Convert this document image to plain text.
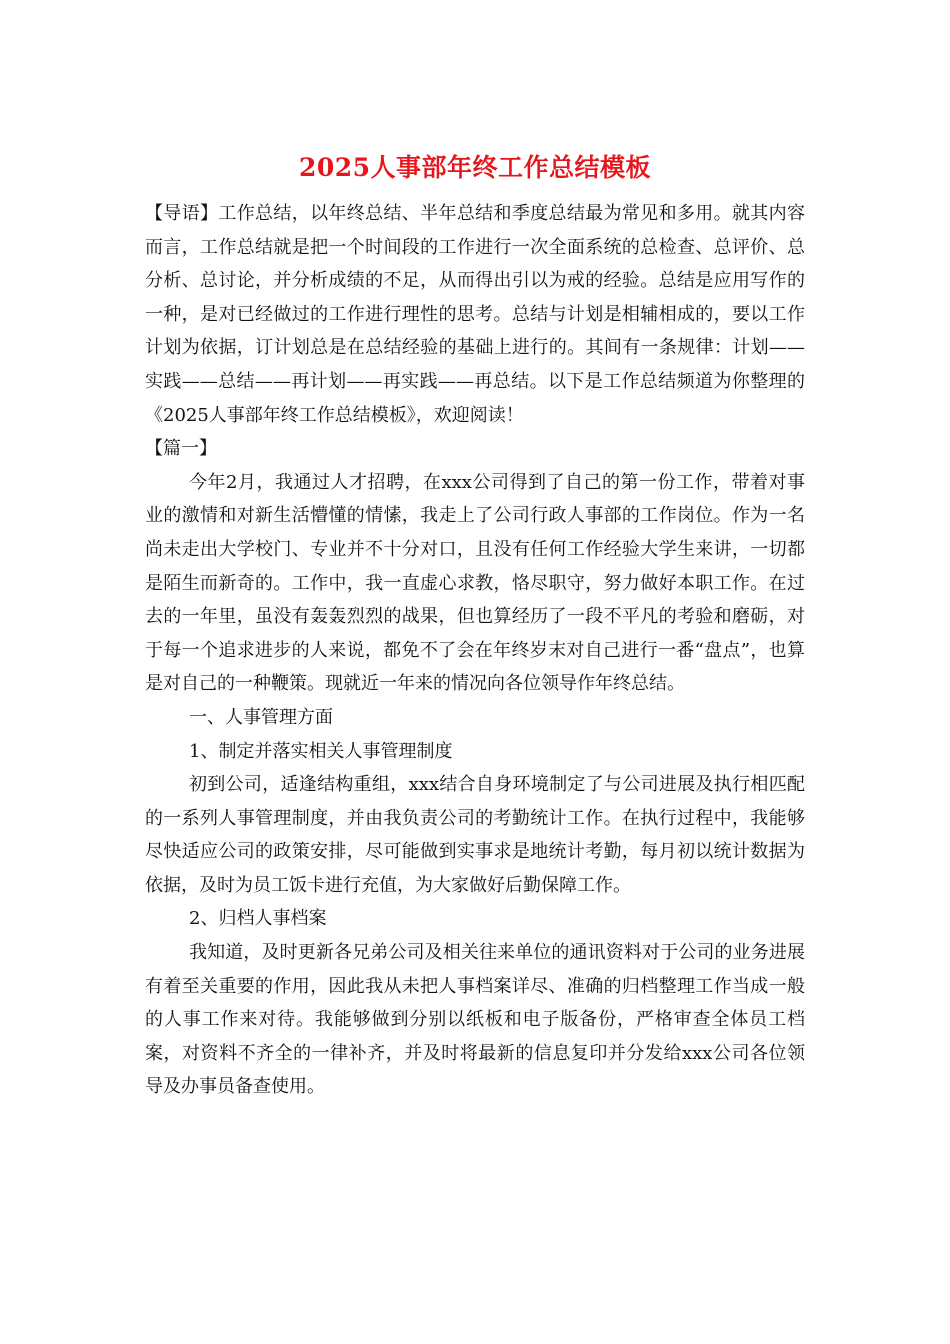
2025人事部年终工作总结模板

【导语】工作总结，以年终总结、半年总结和季度总结最为常见和多用。就其内容而言，工作总结就是把一个时间段的工作进行一次全面系统的总检查、总评价、总分析、总讨论，并分析成绩的不足，从而得出引以为戒的经验。总结是应用写作的一种，是对已经做过的工作进行理性的思考。总结与计划是相辅相成的，要以工作计划为依据，订计划总是在总结经验的基础上进行的。其间有一条规律：计划——实践——总结——再计划——再实践——再总结。以下是工作总结频道为你整理的《2025人事部年终工作总结模板》，欢迎阅读！

【篇一】

今年2月，我通过人才招聘，在xxx公司得到了自己的第一份工作，带着对事业的激情和对新生活懵懂的情愫，我走上了公司行政人事部的工作岗位。作为一名尚未走出大学校门、专业并不十分对口，且没有任何工作经验大学生来讲，一切都是陌生而新奇的。工作中，我一直虚心求教，恪尽职守，努力做好本职工作。在过去的一年里，虽没有轰轰烈烈的战果，但也算经历了一段不平凡的考验和磨砺，对于每一个追求进步的人来说，都免不了会在年终岁末对自己进行一番“盘点”，也算是对自己的一种鞭策。现就近一年来的情况向各位领导作年终总结。

一、人事管理方面

1、制定并落实相关人事管理制度

初到公司，适逢结构重组，xxx结合自身环境制定了与公司进展及执行相匹配的一系列人事管理制度，并由我负责公司的考勤统计工作。在执行过程中，我能够尽快适应公司的政策安排，尽可能做到实事求是地统计考勤，每月初以统计数据为依据，及时为员工饭卡进行充值，为大家做好后勤保障工作。

2、归档人事档案

我知道，及时更新各兄弟公司及相关往来单位的通讯资料对于公司的业务进展有着至关重要的作用，因此我从未把人事档案详尽、准确的归档整理工作当成一般的人事工作来对待。我能够做到分别以纸板和电子版备份，严格审查全体员工档案，对资料不齐全的一律补齐，并及时将最新的信息复印并分发给xxx公司各位领导及办事员备查使用。
